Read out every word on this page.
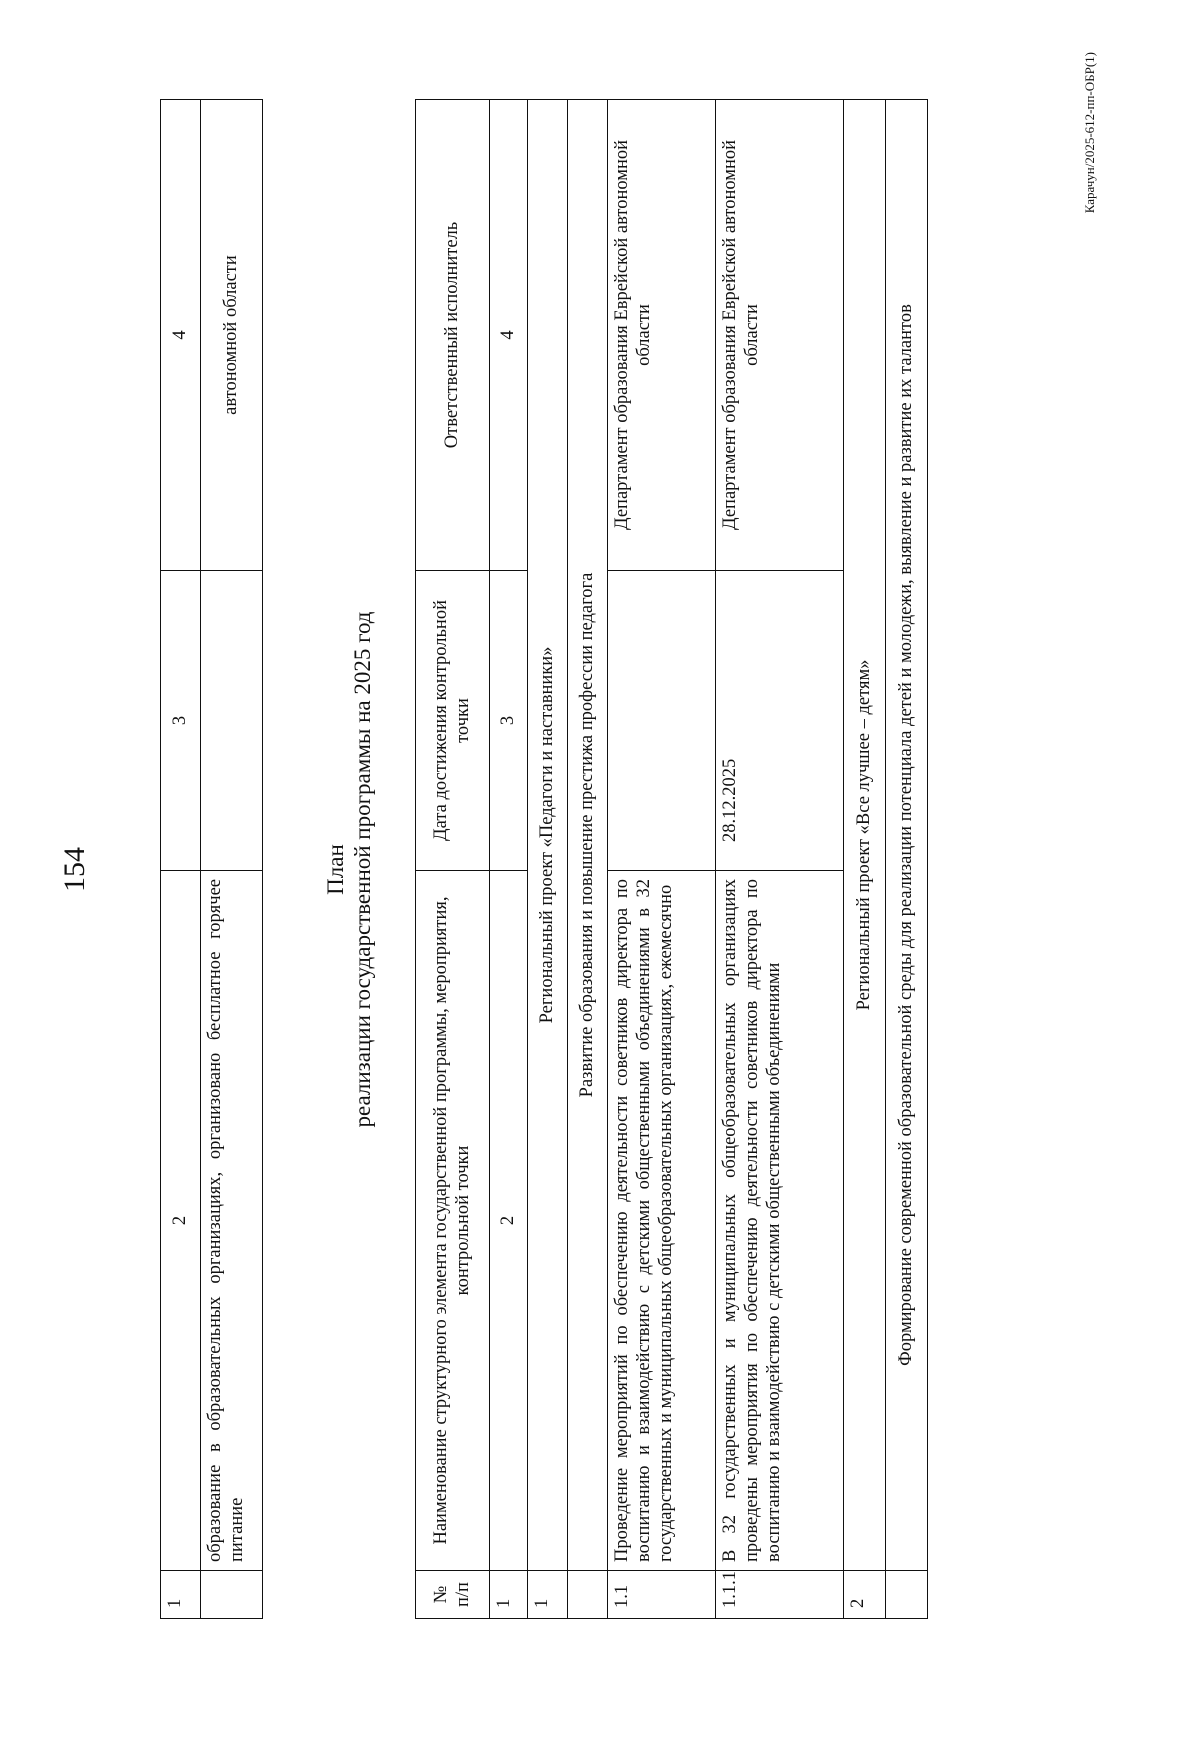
154
1	2	3	4
	образование в образовательных организациях, организовано бесплатное горячее питание		автономной области
План реализации государственной программы на 2025 год
№ п/п	Наименование структурного элемента государственной программы, мероприятия, контрольной точки	Дата достижения контрольной точки	Ответственный исполнитель
1	2	3	4
1	Региональный проект «Педагоги и наставники»		
	Развитие образования и повышение престижа профессии педагога		
1.1	Проведение мероприятий по обеспечению деятельности советников директора по воспитанию и взаимодействию с детскими общественными объединениями в 32 государственных и муниципальных общеобразовательных организациях, ежемесячно		Департамент образования Еврейской автономной области
1.1.1	В 32 государственных и муниципальных общеобразовательных организациях проведены мероприятия по обеспечению деятельности советников директора по воспитанию и взаимодействию с детскими общественными объединениями	28.12.2025	Департамент образования Еврейской автономной области
2	Региональный проект «Все лучшее – детям»		
	Формирование современной образовательной среды для реализации потенциала детей и молодежи, выявление и развитие их талантов		
Карачун/2025-612-пп-ОБР(1)
